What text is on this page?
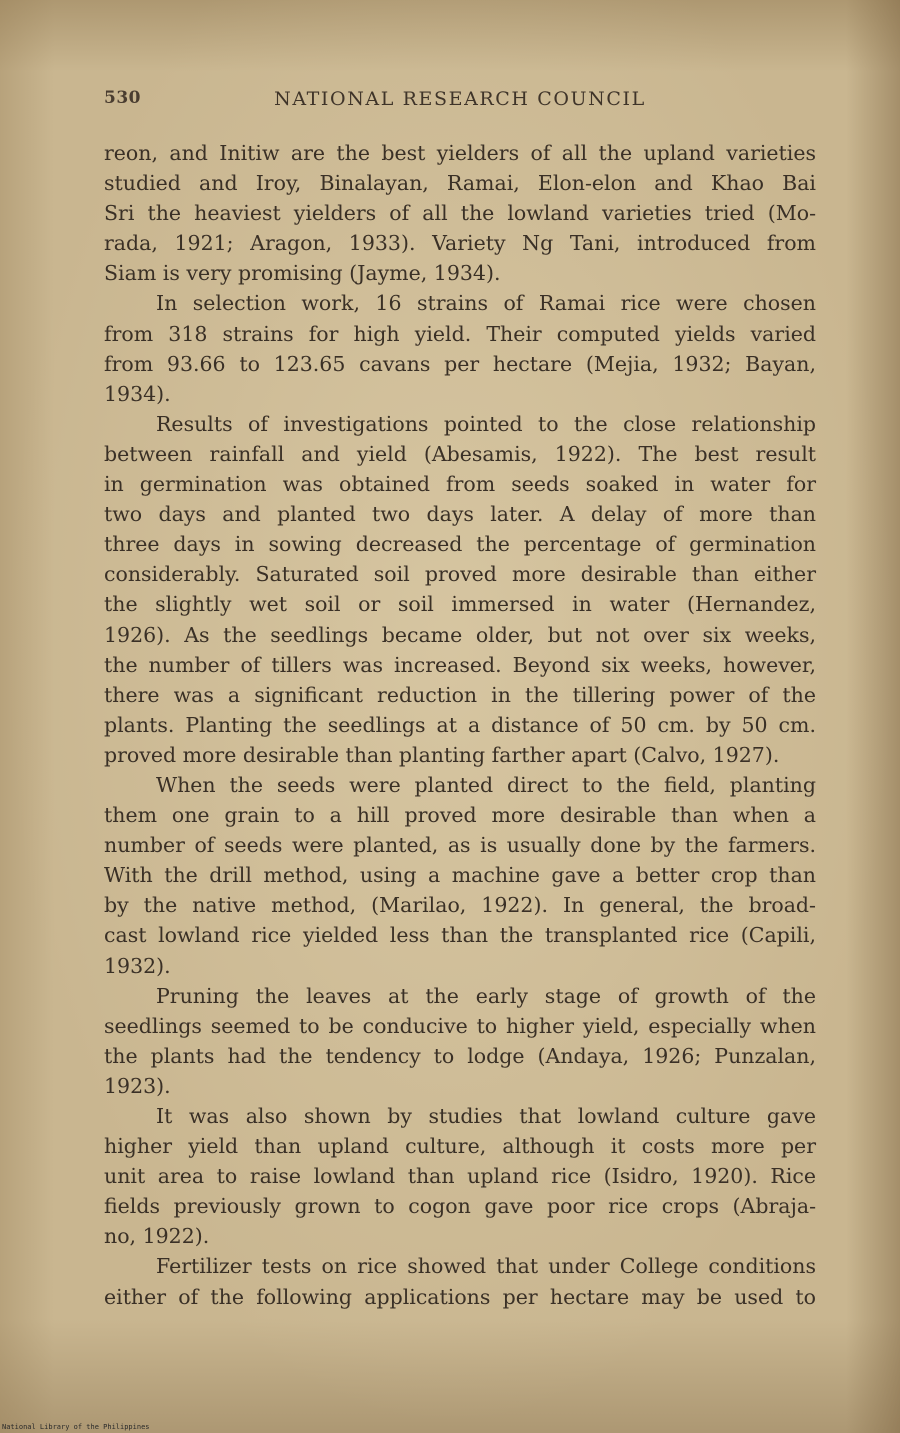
530	NATIONAL RESEARCH COUNCIL

reon, and Initiw are the best yielders of all the upland varieties
studied and Iroy, Binalayan, Ramai, Elon-elon and Khao Bai
Sri the heaviest yielders of all the lowland varieties tried (Mo-
rada, 1921; Aragon, 1933). Variety Ng Tani, introduced from
Siam is very promising (Jayme, 1934).

In selection work, 16 strains of Ramai rice were chosen
from 318 strains for high yield. Their computed yields varied
from 93.66 to 123.65 cavans per hectare (Mejia, 1932; Bayan,
1934).

Results of investigations pointed to the close relationship
between rainfall and yield (Abesamis, 1922). The best result
in germination was obtained from seeds soaked in water for
two days and planted two days later. A delay of more than
three days in sowing decreased the percentage of germination
considerably. Saturated soil proved more desirable than either
the slightly wet soil or soil immersed in water (Hernandez,
1926). As the seedlings became older, but not over six weeks,
the number of tillers was increased. Beyond six weeks, however,
there was a significant reduction in the tillering power of the
plants. Planting the seedlings at a distance of 50 cm. by 50 cm.
proved more desirable than planting farther apart (Calvo, 1927).

When the seeds were planted direct to the field, planting
them one grain to a hill proved more desirable than when a
number of seeds were planted, as is usually done by the farmers.
With the drill method, using a machine gave a better crop than
by the native method, (Marilao, 1922). In general, the broad-
cast lowland rice yielded less than the transplanted rice (Capili,
1932).

Pruning the leaves at the early stage of growth of the
seedlings seemed to be conducive to higher yield, especially when
the plants had the tendency to lodge (Andaya, 1926; Punzalan,
1923).

It was also shown by studies that lowland culture gave
higher yield than upland culture, although it costs more per
unit area to raise lowland than upland rice (Isidro, 1920). Rice
fields previously grown to cogon gave poor rice crops (Abraja-
no, 1922).

Fertilizer tests on rice showed that under College conditions
either of the following applications per hectare may be used to

National Library of the Philippines
